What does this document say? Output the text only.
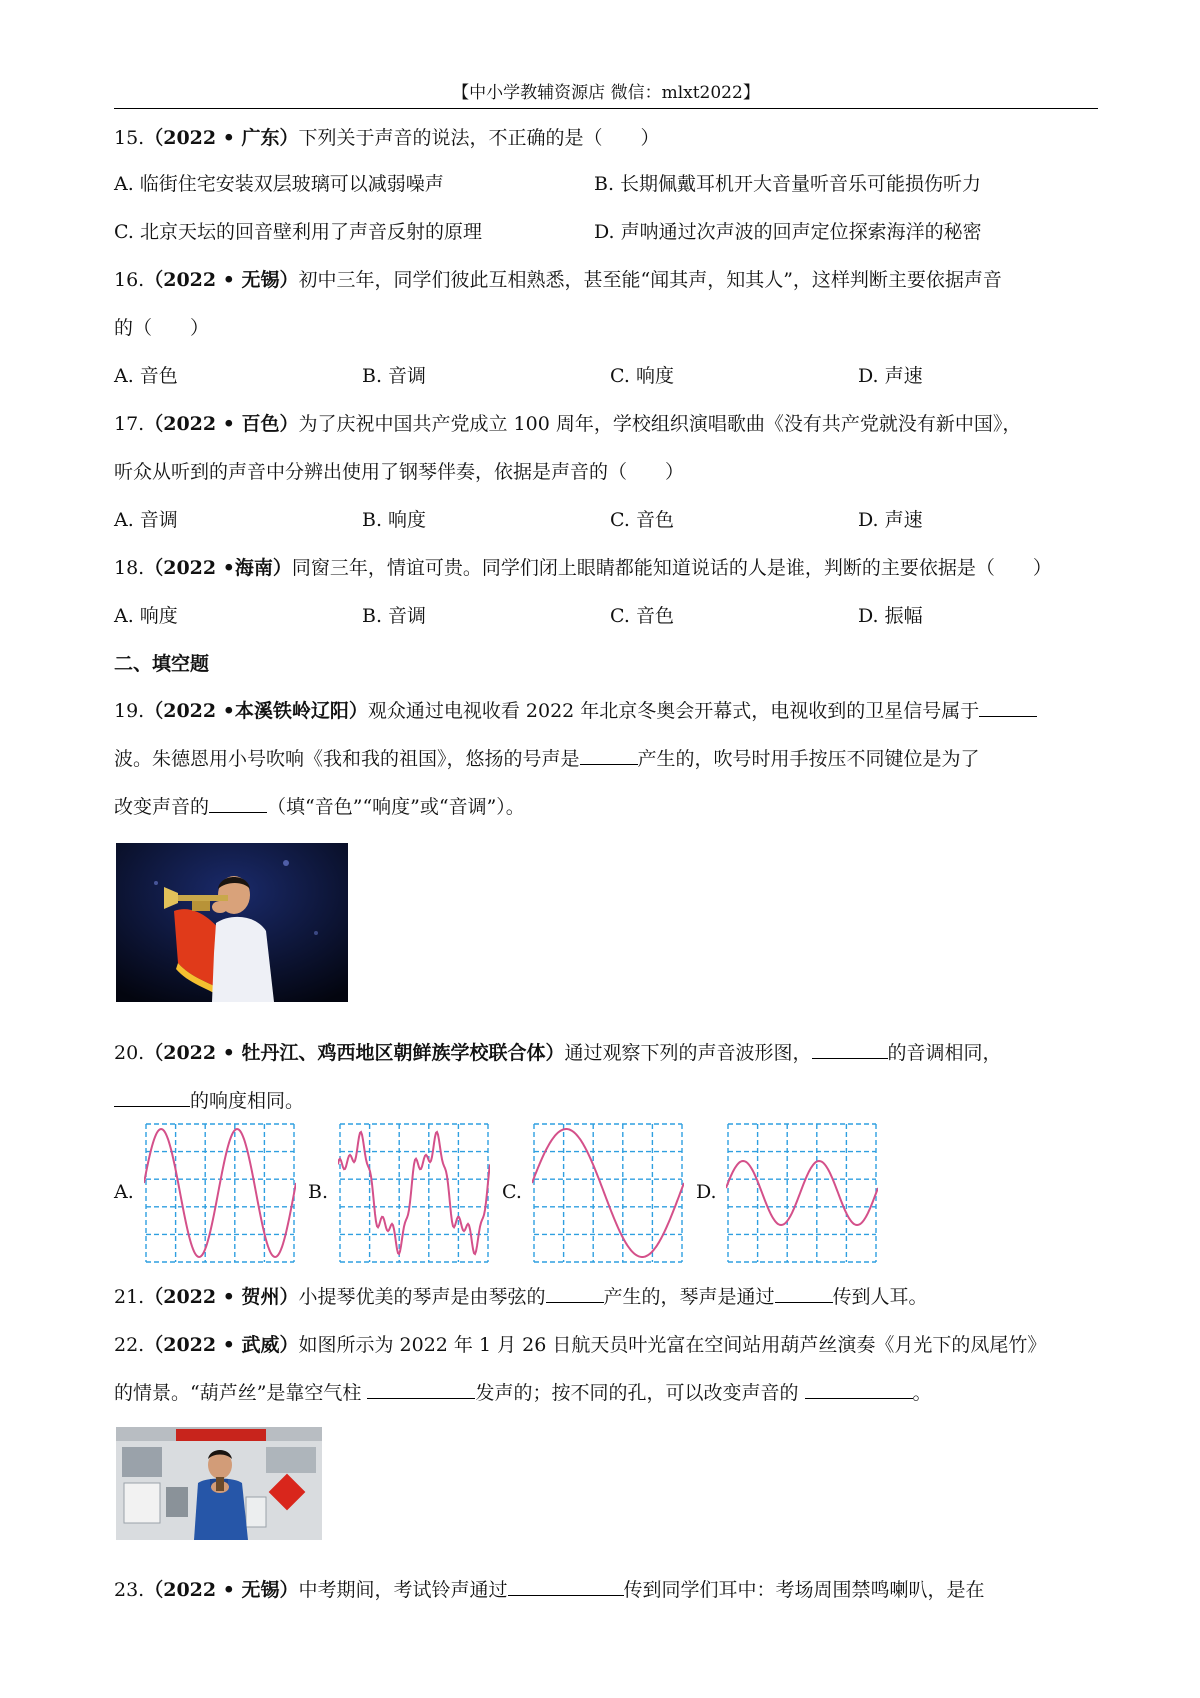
【中小学教辅资源店 微信：mlxt2022】
15.（2022 • 广东）下列关于声音的说法，不正确的是（　　）
A. 临街住宅安装双层玻璃可以减弱噪声	B. 长期佩戴耳机开大音量听音乐可能损伤听力
C. 北京天坛的回音壁利用了声音反射的原理	D. 声呐通过次声波的回声定位探索海洋的秘密
16.（2022 • 无锡）初中三年，同学们彼此互相熟悉，甚至能“闻其声，知其人”，这样判断主要依据声音
的（　　）
A. 音色	B. 音调	C. 响度	D. 声速
17.（2022 • 百色）为了庆祝中国共产党成立 100 周年，学校组织演唱歌曲《没有共产党就没有新中国》，
听众从听到的声音中分辨出使用了钢琴伴奏，依据是声音的（　　）
A. 音调	B. 响度	C. 音色	D. 声速
18.（2022 •海南）同窗三年，情谊可贵。同学们闭上眼睛都能知道说话的人是谁，判断的主要依据是（　　）
A. 响度	B. 音调	C. 音色	D. 振幅
二、填空题
19.（2022 •本溪铁岭辽阳）观众通过电视收看 2022 年北京冬奥会开幕式，电视收到的卫星信号属于
波。朱德恩用小号吹响《我和我的祖国》，悠扬的号声是	产生的，吹号时用手按压不同键位是为了
改变声音的	（填“音色”“响度”或“音调”）。
20.（2022 • 牡丹江、鸡西地区朝鲜族学校联合体）通过观察下列的声音波形图，	的音调相同，
的响度相同。
A.	B.	C.	D.
21.（2022 • 贺州）小提琴优美的琴声是由琴弦的	产生的，琴声是通过	传到人耳。
22.（2022 • 武威）如图所示为 2022 年 1 月 26 日航天员叶光富在空间站用葫芦丝演奏《月光下的凤尾竹》
的情景。“葫芦丝”是靠空气柱	发声的；按不同的孔，可以改变声音的	。
23.（2022 • 无锡）中考期间，考试铃声通过	传到同学们耳中：考场周围禁鸣喇叭，是在
